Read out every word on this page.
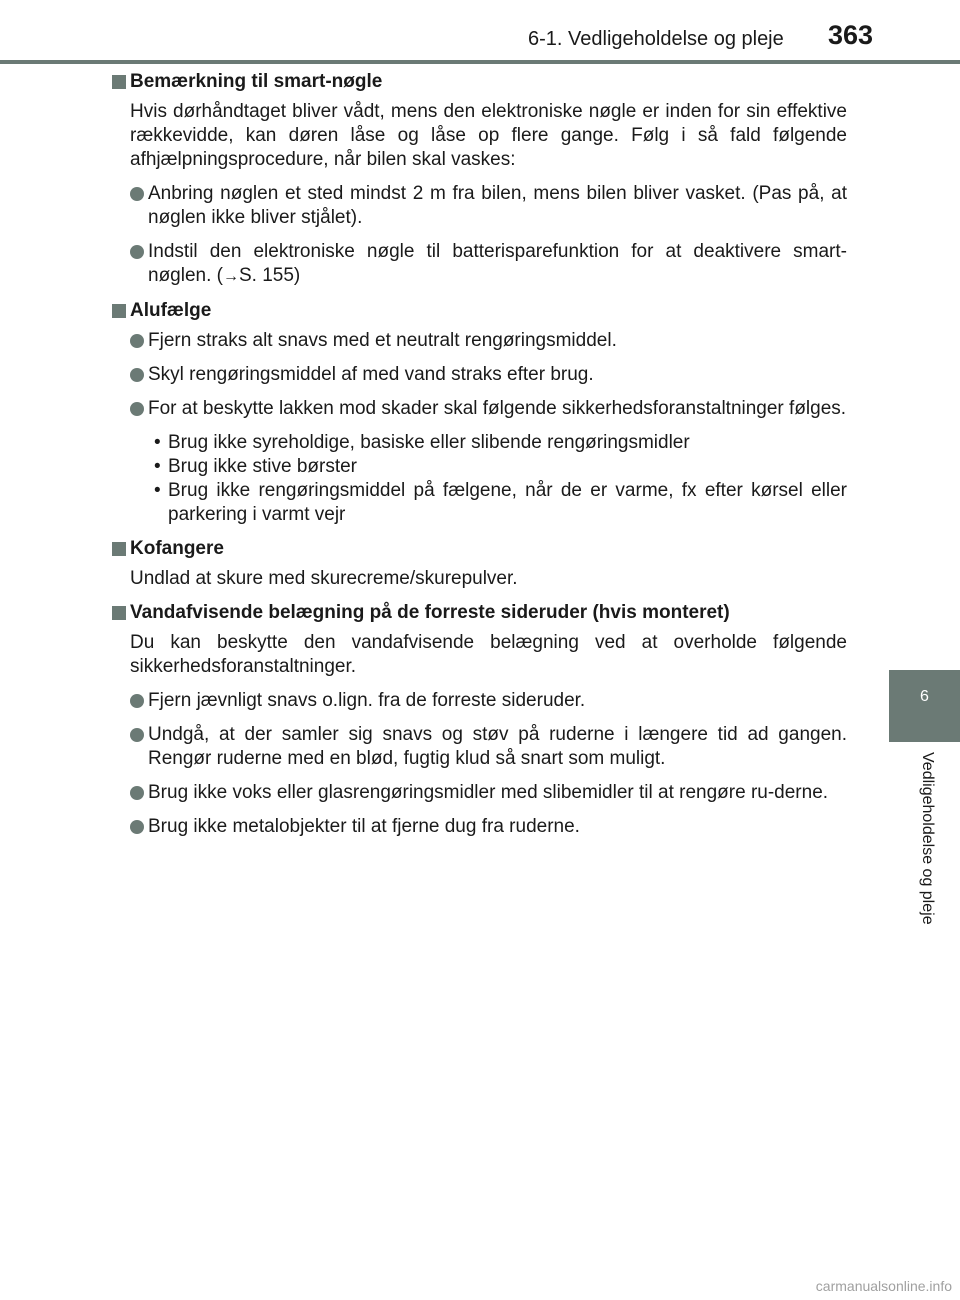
6-1. Vedligeholdelse og pleje 363
6
Vedligeholdelse og pleje
Bemærkning til smart-nøgle
Hvis dørhåndtaget bliver vådt, mens den elektroniske nøgle er inden for sin effektive rækkevidde, kan døren låse og låse op flere gange. Følg i så fald følgende afhjælpningsprocedure, når bilen skal vaskes:
Anbring nøglen et sted mindst 2 m fra bilen, mens bilen bliver vasket. (Pas på, at nøglen ikke bliver stjålet).
Indstil den elektroniske nøgle til batterisparefunktion for at deaktivere smart-nøglen. (→S. 155)
Alufælge
Fjern straks alt snavs med et neutralt rengøringsmiddel.
Skyl rengøringsmiddel af med vand straks efter brug.
For at beskytte lakken mod skader skal følgende sikkerhedsforanstaltninger følges.
• Brug ikke syreholdige, basiske eller slibende rengøringsmidler
• Brug ikke stive børster
• Brug ikke rengøringsmiddel på fælgene, når de er varme, fx efter kørsel eller parkering i varmt vejr
Kofangere
Undlad at skure med skurecreme/skurepulver.
Vandafvisende belægning på de forreste sideruder (hvis monteret)
Du kan beskytte den vandafvisende belægning ved at overholde følgende sikkerhedsforanstaltninger.
Fjern jævnligt snavs o.lign. fra de forreste sideruder.
Undgå, at der samler sig snavs og støv på ruderne i længere tid ad gangen. Rengør ruderne med en blød, fugtig klud så snart som muligt.
Brug ikke voks eller glasrengøringsmidler med slibemidler til at rengøre ru-derne.
Brug ikke metalobjekter til at fjerne dug fra ruderne.
carmanualsonline.info
